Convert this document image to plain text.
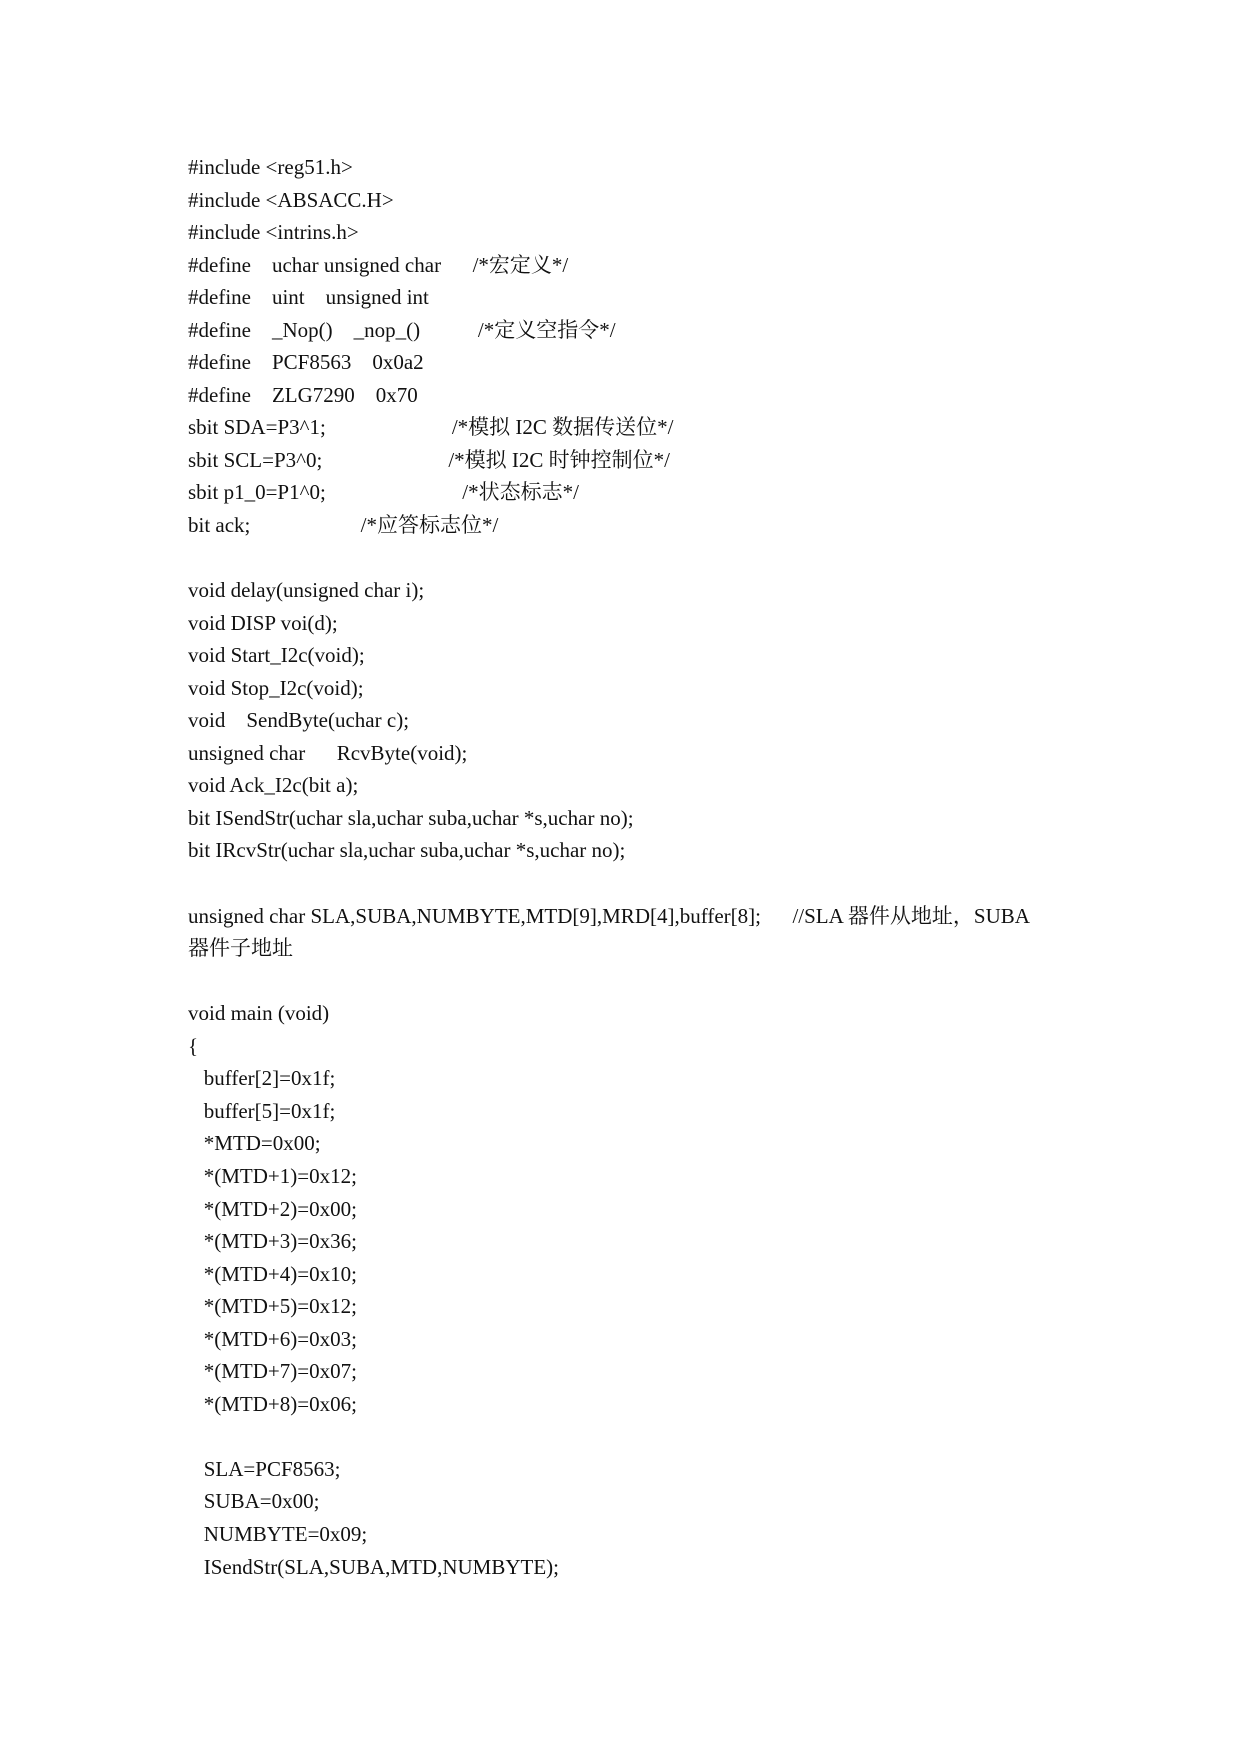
#include <reg51.h>
#include <ABSACC.H>
#include <intrins.h>
#define    uchar unsigned char      /*宏定义*/
#define    uint    unsigned int
#define    _Nop()    _nop_()           /*定义空指令*/
#define    PCF8563    0x0a2
#define    ZLG7290    0x70
sbit SDA=P3^1;                        /*模拟 I2C 数据传送位*/
sbit SCL=P3^0;                        /*模拟 I2C 时钟控制位*/
sbit p1_0=P1^0;                          /*状态标志*/
bit ack;                     /*应答标志位*/
void delay(unsigned char i);
void DISP voi(d);
void Start_I2c(void);
void Stop_I2c(void);
void    SendByte(uchar c);
unsigned char      RcvByte(void);
void Ack_I2c(bit a);
bit ISendStr(uchar sla,uchar suba,uchar *s,uchar no);
bit IRcvStr(uchar sla,uchar suba,uchar *s,uchar no);
unsigned char SLA,SUBA,NUMBYTE,MTD[9],MRD[4],buffer[8];      //SLA 器件从地址，SUBA
器件子地址
void main (void)
{
buffer[2]=0x1f;
buffer[5]=0x1f;
*MTD=0x00;
*(MTD+1)=0x12;
*(MTD+2)=0x00;
*(MTD+3)=0x36;
*(MTD+4)=0x10;
*(MTD+5)=0x12;
*(MTD+6)=0x03;
*(MTD+7)=0x07;
*(MTD+8)=0x06;
SLA=PCF8563;
SUBA=0x00;
NUMBYTE=0x09;
ISendStr(SLA,SUBA,MTD,NUMBYTE);
